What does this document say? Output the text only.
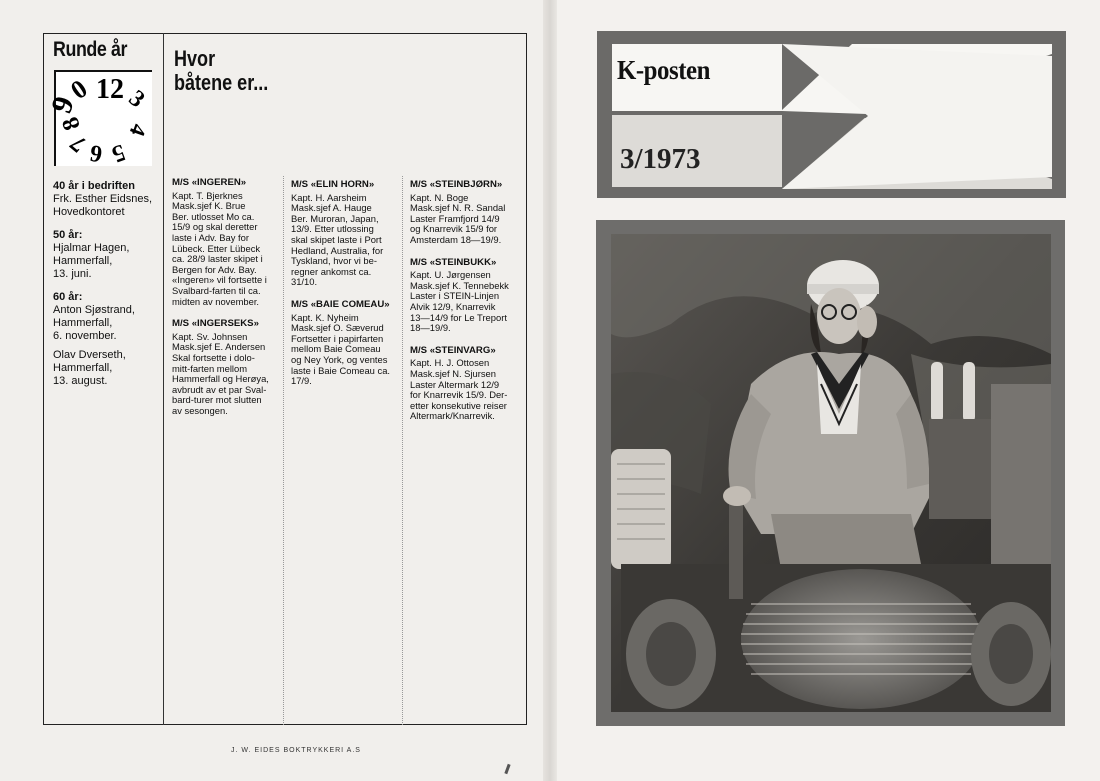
Runde år
9
0 12 3
4
5
6
7
8
40 år i bedriften
Frk. Esther Eidsnes,
Hovedkontoret
50 år:
Hjalmar Hagen,
Hammerfall,
13. juni.
60 år:
Anton Sjøstrand,
Hammerfall,
6. november.
Olav Dverseth,
Hammerfall,
13. august.
Hvor
båtene er...
M/S «INGEREN»
Kapt. T. Bjerknes
Mask.sjef K. Brue
Ber. utlosset Mo ca.
15/9 og skal deretter
laste i Adv. Bay for
Lübeck. Etter Lübeck
ca. 28/9 laster skipet i
Bergen for Adv. Bay.
«Ingeren» vil fortsette i
Svalbard-farten til ca.
midten av november.
M/S «INGERSEKS»
Kapt. Sv. Johnsen
Mask.sjef E. Andersen
Skal fortsette i dolo-
mitt-farten mellom
Hammerfall og Herøya,
avbrudt av et par Sval-
bard-turer mot slutten
av sesongen.
M/S «ELIN HORN»
Kapt. H. Aarsheim
Mask.sjef A. Hauge
Ber. Muroran, Japan,
13/9. Etter utlossing
skal skipet laste i Port
Hedland, Australia, for
Tyskland, hvor vi be-
regner ankomst ca.
31/10.
M/S «BAIE COMEAU»
Kapt. K. Nyheim
Mask.sjef O. Sæverud
Fortsetter i papirfarten
mellom Baie Comeau
og Ney York, og ventes
laste i Baie Comeau ca.
17/9.
M/S «STEINBJØRN»
Kapt. N. Boge
Mask.sjef N. R. Sandal
Laster Framfjord 14/9
og Knarrevik 15/9 for
Amsterdam 18—19/9.
M/S «STEINBUKK»
Kapt. U. Jørgensen
Mask.sjef K. Tennebekk
Laster i STEIN-Linjen
Alvik 12/9, Knarrevik
13—14/9 for Le Treport
18—19/9.
M/S «STEINVARG»
Kapt. H. J. Ottosen
Mask.sjef N. Sjursen
Laster Altermark 12/9
for Knarrevik 15/9. Der-
etter konsekutive reiser
Altermark/Knarrevik.
J. W. EIDES BOKTRYKKERI A.S
K-posten
3/1973
